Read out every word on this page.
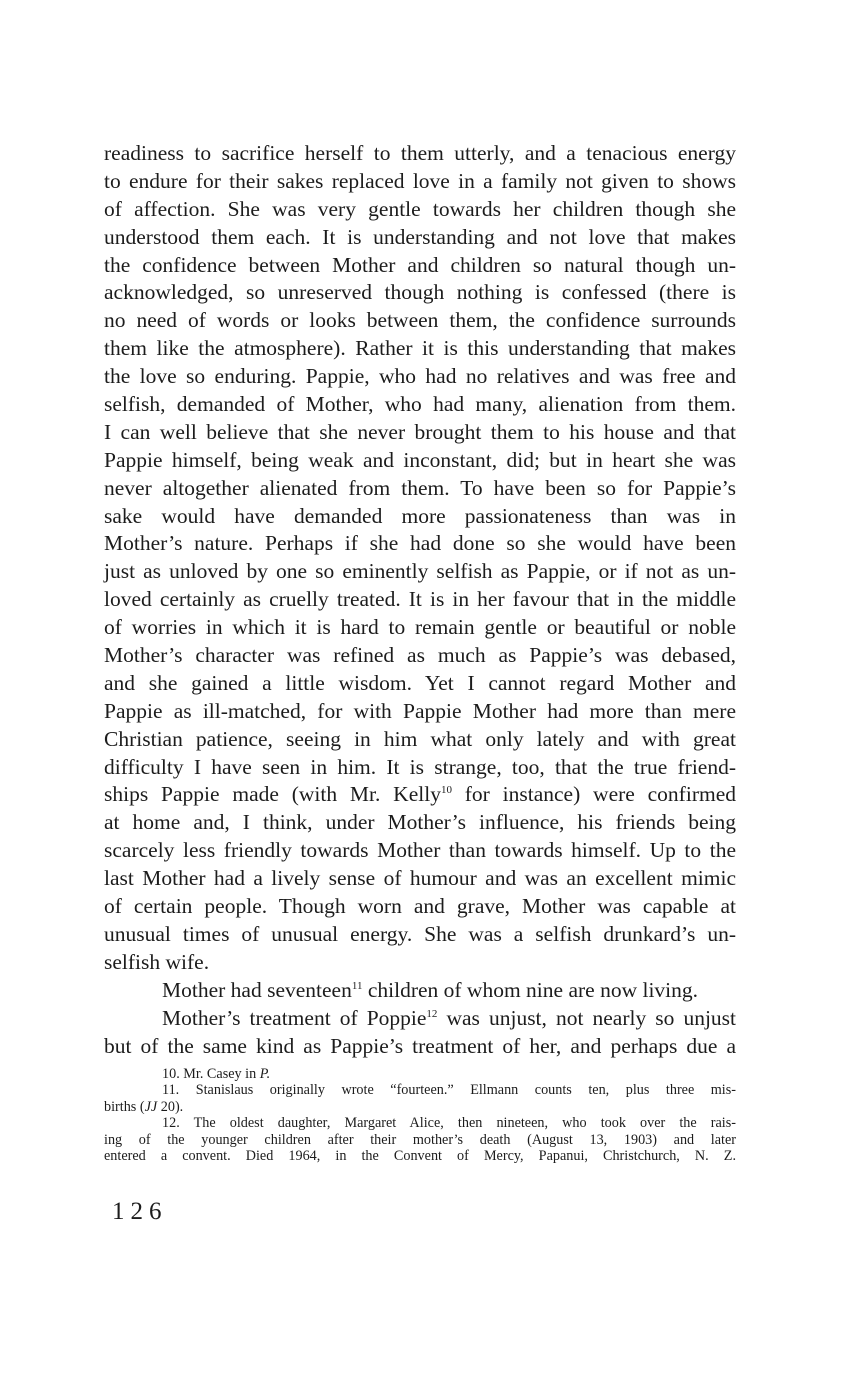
readiness to sacrifice herself to them utterly, and a tenacious energy
to endure for their sakes replaced love in a family not given to shows
of affection. She was very gentle towards her children though she
understood them each. It is understanding and not love that makes
the confidence between Mother and children so natural though un-
acknowledged, so unreserved though nothing is confessed (there is
no need of words or looks between them, the confidence surrounds
them like the atmosphere). Rather it is this understanding that makes
the love so enduring. Pappie, who had no relatives and was free and
selfish, demanded of Mother, who had many, alienation from them.
I can well believe that she never brought them to his house and that
Pappie himself, being weak and inconstant, did; but in heart she was
never altogether alienated from them. To have been so for Pappie’s
sake would have demanded more passionateness than was in
Mother’s nature. Perhaps if she had done so she would have been
just as unloved by one so eminently selfish as Pappie, or if not as un-
loved certainly as cruelly treated. It is in her favour that in the middle
of worries in which it is hard to remain gentle or beautiful or noble
Mother’s character was refined as much as Pappie’s was debased,
and she gained a little wisdom. Yet I cannot regard Mother and
Pappie as ill-matched, for with Pappie Mother had more than mere
Christian patience, seeing in him what only lately and with great
difficulty I have seen in him. It is strange, too, that the true friend-
ships Pappie made (with Mr. Kelly$^{10}$ for instance) were confirmed
at home and, I think, under Mother’s influence, his friends being
scarcely less friendly towards Mother than towards himself. Up to the
last Mother had a lively sense of humour and was an excellent mimic
of certain people. Though worn and grave, Mother was capable at
unusual times of unusual energy. She was a selfish drunkard’s un-
selfish wife.

Mother had seventeen$^{11}$ children of whom nine are now living.

Mother’s treatment of Poppie$^{12}$ was unjust, not nearly so unjust

but of the same kind as Pappie’s treatment of her, and perhaps due a
10. Mr. Casey in P.
11. Stanislaus originally wrote “fourteen.” Ellmann counts ten, plus three mis-
births (JJ 20).
12. The oldest daughter, Margaret Alice, then nineteen, who took over the rais-
ing of the younger children after their mother’s death (August 13, 1903) and later
entered a convent. Died 1964, in the Convent of Mercy, Papanui, Christchurch, N. Z.
126
